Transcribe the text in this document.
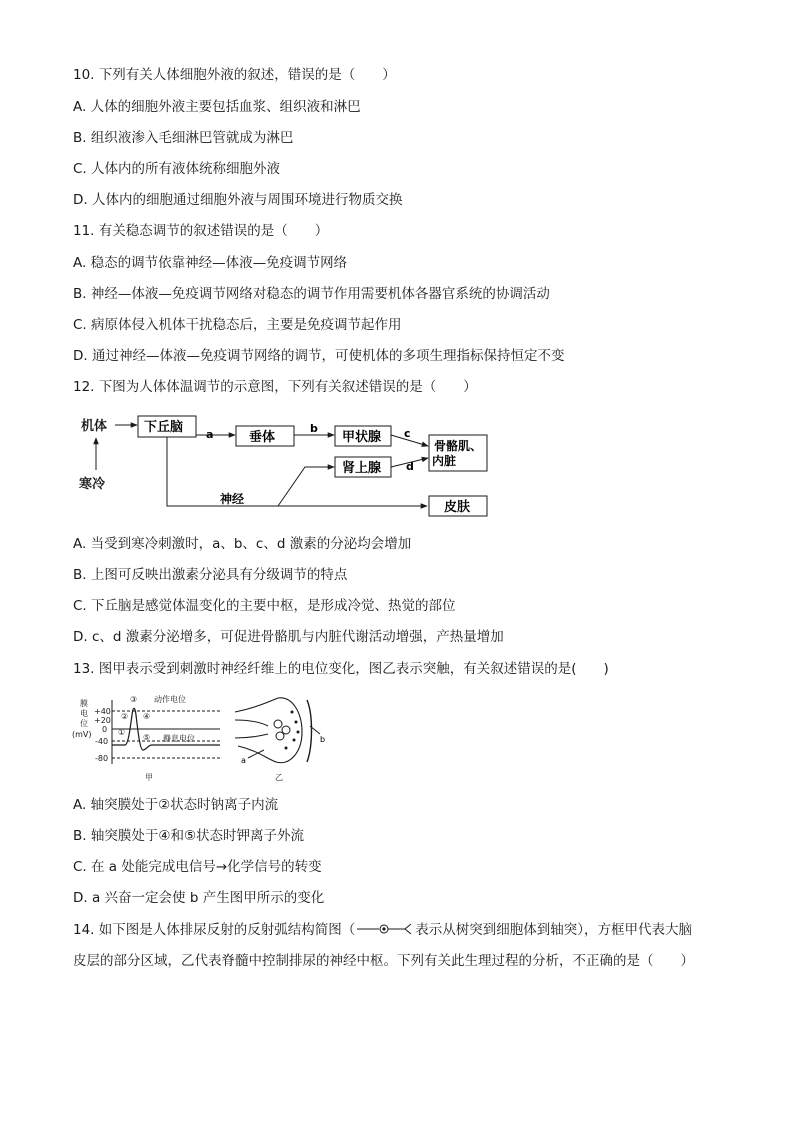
10. 下列有关人体细胞外液的叙述，错误的是（　　）
A. 人体的细胞外液主要包括血浆、组织液和淋巴
B. 组织液渗入毛细淋巴管就成为淋巴
C. 人体内的所有液体统称细胞外液
D. 人体内的细胞通过细胞外液与周围环境进行物质交换
11. 有关稳态调节的叙述错误的是（　　）
A. 稳态的调节依靠神经—体液—免疫调节网络
B. 神经—体液—免疫调节网络对稳态的调节作用需要机体各器官系统的协调活动
C. 病原体侵入机体干扰稳态后，主要是免疫调节起作用
D. 通过神经—体液—免疫调节网络的调节，可使机体的多项生理指标保持恒定不变
12. 下图为人体体温调节的示意图，下列有关叙述错误的是（　　）
机体
寒冷
下丘脑 a	垂体
b
甲状腺
肾上腺
c
d
骨骼肌、
内脏
神经
皮肤
A. 当受到寒冷刺激时，a、b、c、d 激素的分泌均会增加
B. 上图可反映出激素分泌具有分级调节的特点
C. 下丘脑是感觉体温变化的主要中枢，是形成冷觉、热觉的部位
D. c、d 激素分泌增多，可促进骨骼肌与内脏代谢活动增强，产热量增加
13. 图甲表示受到刺激时神经纤维上的电位变化，图乙表示突触，有关叙述错误的是(　　)
膜
电
位
(mV)
+40
+20
0
-40
-80
动作电位
静息电位
①
②
③
④
⑤
甲	乙
a
b
A. 轴突膜处于②状态时钠离子内流
B. 轴突膜处于④和⑤状态时钾离子外流
C. 在 a 处能完成电信号→化学信号的转变
D. a 兴奋一定会使 b 产生图甲所示的变化
14. 如下图是人体排尿反射的反射弧结构简图（	表示从树突到细胞体到轴突），方框甲代表大脑
皮层的部分区域，乙代表脊髓中控制排尿的神经中枢。下列有关此生理过程的分析，不正确的是（　　）
